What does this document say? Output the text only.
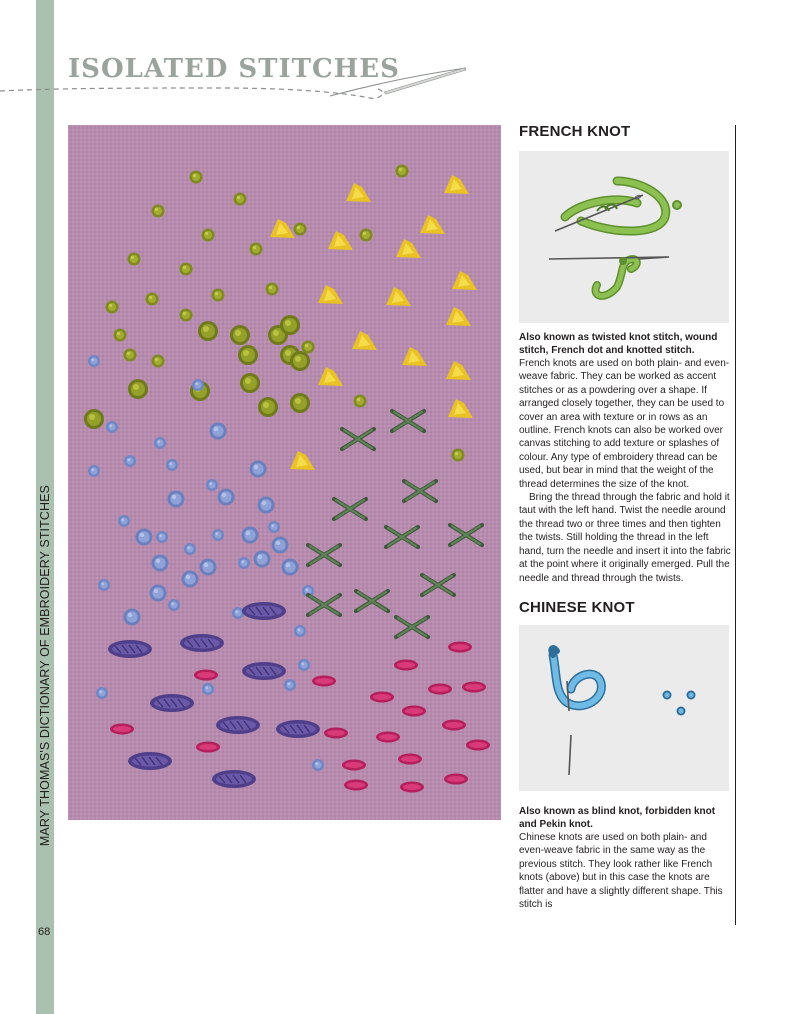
MARY THOMAS'S DICTIONARY OF EMBROIDERY STITCHES
68
ISOLATED STITCHES
FRENCH KNOT

Also known as twisted knot stitch, wound stitch, French dot and knotted stitch.

French knots are used on both plain- and even-weave fabric. They can be worked as accent stitches or as a powdering over a shape. If arranged closely together, they can be used to cover an area with texture or in rows as an outline. French knots can also be worked over canvas stitching to add texture or splashes of colour. Any type of embroidery thread can be used, but bear in mind that the weight of the thread determines the size of the knot.

Bring the thread through the fabric and hold it taut with the left hand. Twist the needle around the thread two or three times and then tighten the twists. Still holding the thread in the left hand, turn the needle and insert it into the fabric at the point where it originally emerged. Pull the needle and thread through the twists.

CHINESE KNOT

Also known as blind knot, forbidden knot and Pekin knot.

Chinese knots are used on both plain- and even-weave fabric in the same way as the previous stitch. They look rather like French knots (above) but in this case the knots are flatter and have a slightly different shape. This stitch is
